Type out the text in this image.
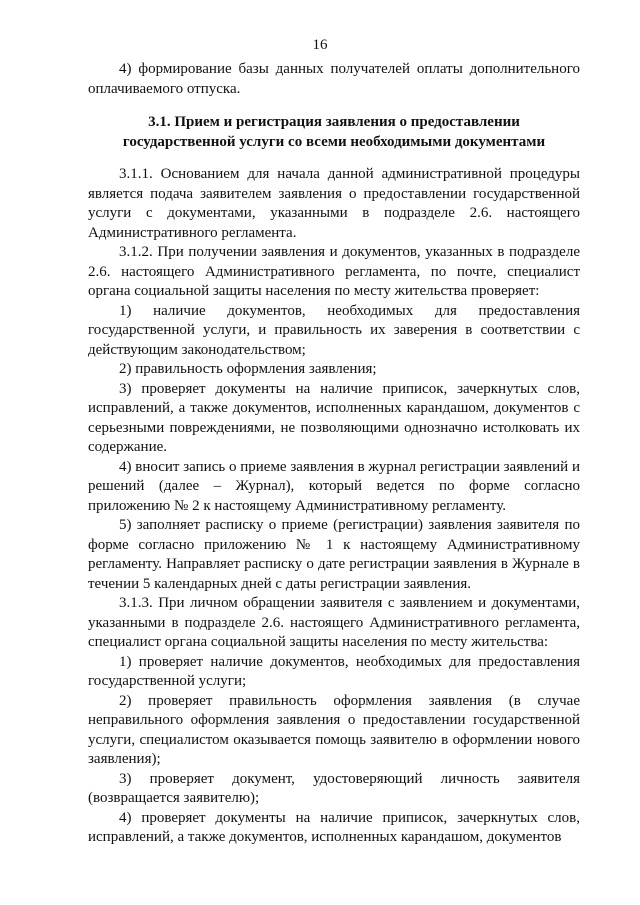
16

4) формирование базы данных получателей оплаты дополнительного оплачиваемого отпуска.

3.1. Прием и регистрация заявления о предоставлении государственной услуги со всеми необходимыми документами

3.1.1. Основанием для начала данной административной процедуры является подача заявителем заявления о предоставлении государственной услуги с документами, указанными в подразделе 2.6. настоящего Административного регламента.

3.1.2. При получении заявления и документов, указанных в подразделе 2.6. настоящего Административного регламента, по почте, специалист органа социальной защиты населения по месту жительства проверяет:

1) наличие документов, необходимых для предоставления государственной услуги, и правильность их заверения в соответствии с действующим законодательством;

2) правильность оформления заявления;

3) проверяет документы на наличие приписок, зачеркнутых слов, исправлений, а также документов, исполненных карандашом, документов с серьезными повреждениями, не позволяющими однозначно истолковать их содержание.

4) вносит запись о приеме заявления в журнал регистрации заявлений и решений (далее – Журнал), который ведется по форме согласно приложению № 2 к настоящему Административному регламенту.

5) заполняет расписку о приеме (регистрации) заявления заявителя по форме согласно приложению № 1 к настоящему Административному регламенту. Направляет расписку о дате регистрации заявления в Журнале в течении 5 календарных дней с даты регистрации заявления.

3.1.3. При личном обращении заявителя с заявлением и документами, указанными в подразделе 2.6. настоящего Административного регламента, специалист органа социальной защиты населения по месту жительства:

1) проверяет наличие документов, необходимых для предоставления государственной услуги;

2) проверяет правильность оформления заявления (в случае неправильного оформления заявления о предоставлении государственной услуги, специалистом оказывается помощь заявителю в оформлении нового заявления);

3) проверяет документ, удостоверяющий личность заявителя (возвращается заявителю);

4) проверяет документы на наличие приписок, зачеркнутых слов, исправлений, а также документов, исполненных карандашом, документов
